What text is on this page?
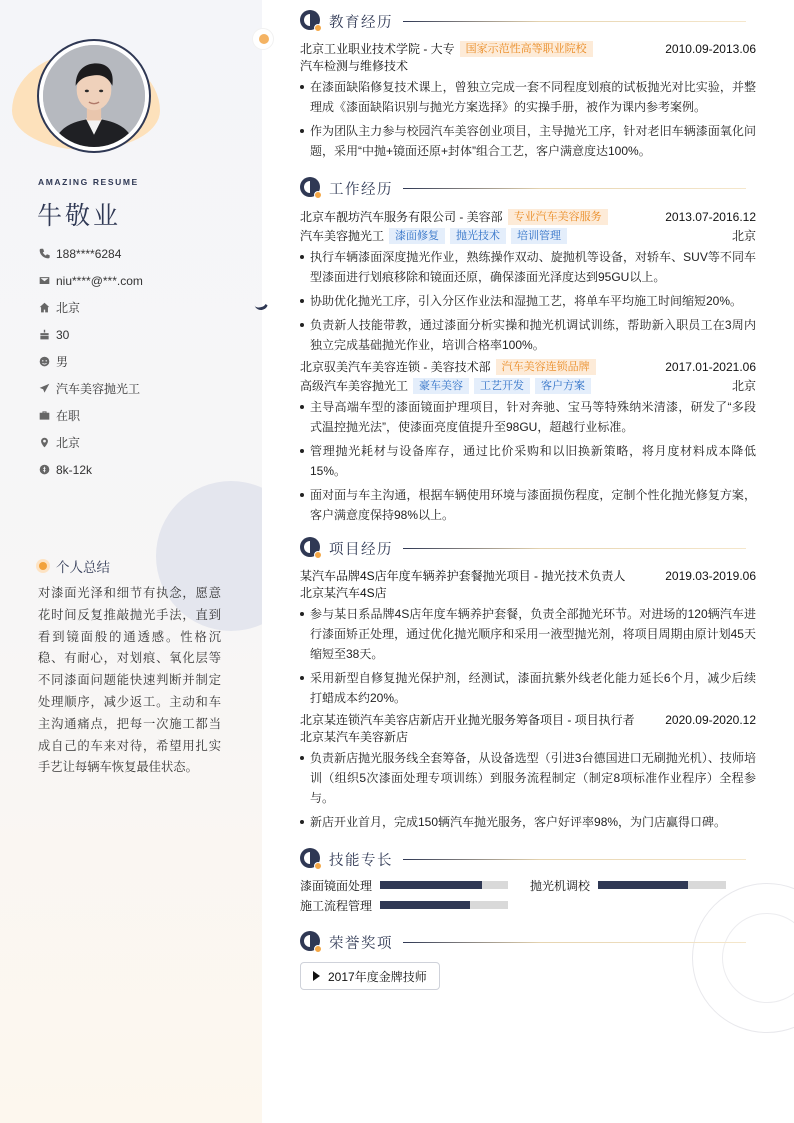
AMAZING RESUME
牛敬业
188****6284
niu****@***.com
北京
30
男
汽车美容抛光工
在职
北京
8k-12k
个人总结
对漆面光泽和细节有执念，愿意花时间反复推敲抛光手法，直到看到镜面般的通透感。性格沉稳、有耐心，对划痕、氧化层等不同漆面问题能快速判断并制定处理顺序，减少返工。主动和车主沟通痛点，把每一次施工都当成自己的车来对待，希望用扎实手艺让每辆车恢复最佳状态。
教育经历
北京工业职业技术学院 - 大专	国家示范性高等职业院校	2010.09-2013.06
汽车检测与维修技术
在漆面缺陷修复技术课上，曾独立完成一套不同程度划痕的试板抛光对比实验，并整理成《漆面缺陷识别与抛光方案选择》的实操手册，被作为课内参考案例。
作为团队主力参与校园汽车美容创业项目，主导抛光工序，针对老旧车辆漆面氧化问题，采用“中抛+镜面还原+封体”组合工艺，客户满意度达100%。
工作经历
北京车靓坊汽车服务有限公司 - 美容部	专业汽车美容服务	2013.07-2016.12
汽车美容抛光工	漆面修复	抛光技术	培训管理	北京
执行车辆漆面深度抛光作业，熟练操作双动、旋抛机等设备，对轿车、SUV等不同车型漆面进行划痕移除和镜面还原，确保漆面光泽度达到95GU以上。
协助优化抛光工序，引入分区作业法和湿抛工艺，将单车平均施工时间缩短20%。
负责新人技能带教，通过漆面分析实操和抛光机调试训练，帮助新入职员工在3周内独立完成基础抛光作业，培训合格率100%。
北京驭美汽车美容连锁 - 美容技术部	汽车美容连锁品牌	2017.01-2021.06
高级汽车美容抛光工	豪车美容	工艺开发	客户方案	北京
主导高端车型的漆面镜面护理项目，针对奔驰、宝马等特殊纳米清漆，研发了“多段式温控抛光法”，使漆面亮度值提升至98GU，超越行业标准。
管理抛光耗材与设备库存，通过比价采购和以旧换新策略，将月度材料成本降低15%。
面对面与车主沟通，根据车辆使用环境与漆面损伤程度，定制个性化抛光修复方案，客户满意度保持98%以上。
项目经历
某汽车品牌4S店年度车辆养护套餐抛光项目 - 抛光技术负责人	2019.03-2019.06
北京某汽车4S店
参与某日系品牌4S店年度车辆养护套餐，负责全部抛光环节。对进场的120辆汽车进行漆面矫正处理，通过优化抛光顺序和采用一液型抛光剂，将项目周期由原计划45天缩短至38天。
采用新型自修复抛光保护剂，经测试，漆面抗紫外线老化能力延长6个月，减少后续打蜡成本约20%。
北京某连锁汽车美容店新店开业抛光服务筹备项目 - 项目执行者	2020.09-2020.12
北京某汽车美容新店
负责新店抛光服务线全套筹备，从设备选型（引进3台德国进口无刷抛光机）、技师培训（组织5次漆面处理专项训练）到服务流程制定（制定8项标准作业程序）全程参与。
新店开业首月，完成150辆汽车抛光服务，客户好评率98%，为门店赢得口碑。
技能专长
漆面镜面处理	抛光机调校
施工流程管理
荣誉奖项
2017年度金牌技师
